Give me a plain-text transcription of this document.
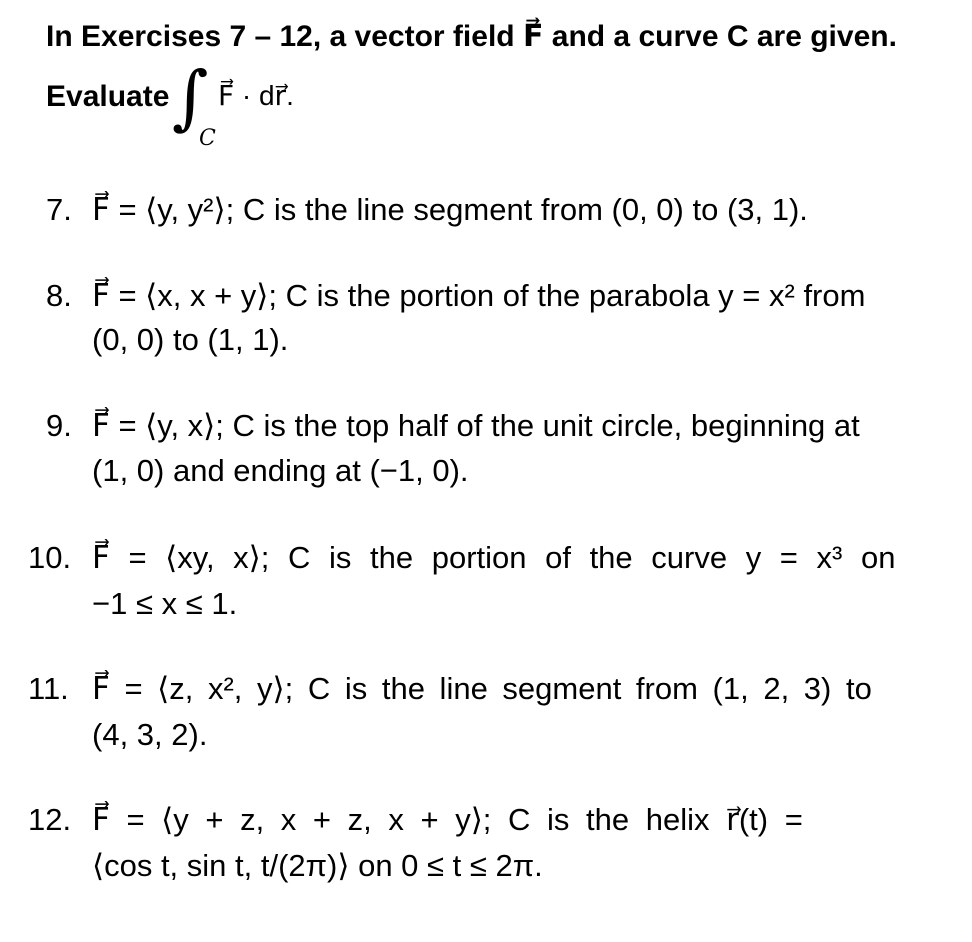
In Exercises 7 – 12, a vector field F⃗ and a curve C are given.
Evaluate ∫
C
F⃗ · dr⃗.
7. F⃗ = ⟨y, y²⟩; C is the line segment from (0, 0) to (3, 1).
8. F⃗ = ⟨x, x + y⟩; C is the portion of the parabola y = x² from
(0, 0) to (1, 1).
9. F⃗ = ⟨y, x⟩; C is the top half of the unit circle, beginning at
(1, 0) and ending at (−1, 0).
10. F⃗ = ⟨xy, x⟩; C is the portion of the curve y = x³ on
−1 ≤ x ≤ 1.
11. F⃗ = ⟨z, x², y⟩; C is the line segment from (1, 2, 3) to
(4, 3, 2).
12. F⃗ = ⟨y + z, x + z, x + y⟩; C is the helix r⃗(t) =
⟨cos t, sin t, t/(2π)⟩ on 0 ≤ t ≤ 2π.
